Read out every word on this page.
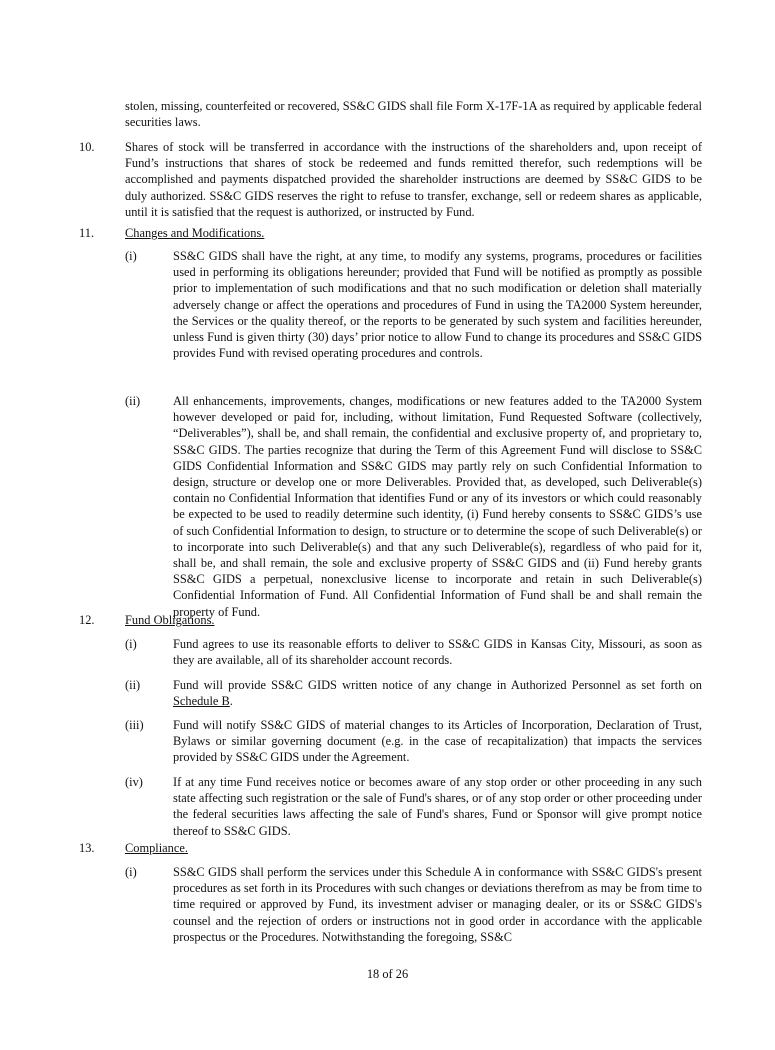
stolen, missing, counterfeited or recovered, SS&C GIDS shall file Form X-17F-1A as required by applicable federal securities laws.
10. Shares of stock will be transferred in accordance with the instructions of the shareholders and, upon receipt of Fund’s instructions that shares of stock be redeemed and funds remitted therefor, such redemptions will be accomplished and payments dispatched provided the shareholder instructions are deemed by SS&C GIDS to be duly authorized. SS&C GIDS reserves the right to refuse to transfer, exchange, sell or redeem shares as applicable, until it is satisfied that the request is authorized, or instructed by Fund.
11. Changes and Modifications.
(i)	SS&C GIDS shall have the right, at any time, to modify any systems, programs, procedures or facilities used in performing its obligations hereunder; provided that Fund will be notified as promptly as possible prior to implementation of such modifications and that no such modification or deletion shall materially adversely change or affect the operations and procedures of Fund in using the TA2000 System hereunder, the Services or the quality thereof, or the reports to be generated by such system and facilities hereunder, unless Fund is given thirty (30) days’ prior notice to allow Fund to change its procedures and SS&C GIDS provides Fund with revised operating procedures and controls.
(ii)	All enhancements, improvements, changes, modifications or new features added to the TA2000 System however developed or paid for, including, without limitation, Fund Requested Software (collectively, “Deliverables”), shall be, and shall remain, the confidential and exclusive property of, and proprietary to, SS&C GIDS. The parties recognize that during the Term of this Agreement Fund will disclose to SS&C GIDS Confidential Information and SS&C GIDS may partly rely on such Confidential Information to design, structure or develop one or more Deliverables. Provided that, as developed, such Deliverable(s) contain no Confidential Information that identifies Fund or any of its investors or which could reasonably be expected to be used to readily determine such identity, (i) Fund hereby consents to SS&C GIDS’s use of such Confidential Information to design, to structure or to determine the scope of such Deliverable(s) or to incorporate into such Deliverable(s) and that any such Deliverable(s), regardless of who paid for it, shall be, and shall remain, the sole and exclusive property of SS&C GIDS and (ii) Fund hereby grants SS&C GIDS a perpetual, nonexclusive license to incorporate and retain in such Deliverable(s) Confidential Information of Fund. All Confidential Information of Fund shall be and shall remain the property of Fund.
12. Fund Obligations.
(i)	Fund agrees to use its reasonable efforts to deliver to SS&C GIDS in Kansas City, Missouri, as soon as they are available, all of its shareholder account records.
(ii)	Fund will provide SS&C GIDS written notice of any change in Authorized Personnel as set forth on Schedule B.
(iii) Fund will notify SS&C GIDS of material changes to its Articles of Incorporation, Declaration of Trust, Bylaws or similar governing document (e.g. in the case of recapitalization) that impacts the services provided by SS&C GIDS under the Agreement.
(iv) If at any time Fund receives notice or becomes aware of any stop order or other proceeding in any such state affecting such registration or the sale of Fund's shares, or of any stop order or other proceeding under the federal securities laws affecting the sale of Fund's shares, Fund or Sponsor will give prompt notice thereof to SS&C GIDS.
13. Compliance.
(i)	SS&C GIDS shall perform the services under this Schedule A in conformance with SS&C GIDS's present procedures as set forth in its Procedures with such changes or deviations therefrom as may be from time to time required or approved by Fund, its investment adviser or managing dealer, or its or SS&C GIDS's counsel and the rejection of orders or instructions not in good order in accordance with the applicable prospectus or the Procedures. Notwithstanding the foregoing, SS&C
18 of 26
